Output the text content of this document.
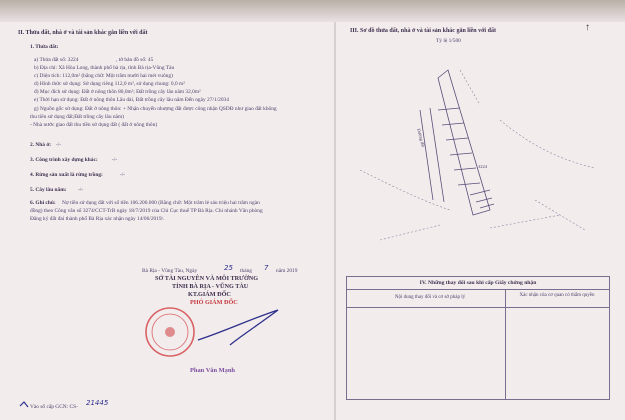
II. Thửa đất, nhà ở và tài sản khác gắn liền với đất
1. Thửa đất:
a) Thửa đất số: 3224	, tờ bản đồ số: 45
b) Địa chỉ: Xã Hòa Long, thành phố bà rịa, tỉnh Bà rịa-Vũng Tàu
c) Diện tích: 112,0m² (bằng chữ: Một trăm mười hai mét vuông)
d) Hình thức sử dụng: Sử dụng riêng 112,0 m², sử dụng chung: 0,0 m²
đ) Mục đích sử dụng: Đất ở nông thôn 80,0m²; Đất trồng cây lâu năm 32,0m²
e) Thời hạn sử dụng: Đất ở nông thôn Lâu dài, Đất trồng cây lâu năm Đến ngày 27/1/2034
g) Nguồn gốc sử dụng: Đất ở nông thôn: + Nhận chuyển nhượng đất được công nhận QSDĐ như giao đất không
thu tiền sử dụng đất;Đất trồng cây lâu năm)
- Nhà nước giao đất thu tiền sử dụng đất ( đất ở nông thôn)
2. Nhà ở: -/-
3. Công trình xây dựng khác:	-/-
4. Rừng sản xuất là rừng trồng:	-/-
5. Cây lâu năm: -/-
6. Ghi chú: Nợ tiền sử dụng đất với số tiền 106.200.000 (Bằng chữ: Một trăm lẻ sáu triệu hai trăm ngàn
đồng) theo Công văn số 3274/CCT-TrB ngày 18/7/2019 của Chi Cục thuế TP Bà Rịa. Chi nhánh Văn phòng
Đăng ký đất đai thành phố Bà Rịa xác nhận ngày 14/06/2019/.
Bà Rịa - Vũng Tàu, Ngày	25 tháng 7 năm 2019
SỞ TÀI NGUYÊN VÀ MÔI TRƯỜNG
TỈNH BÀ RỊA - VŨNG TÀU
KT.GIÁM ĐỐC
PHÓ GIÁM ĐỐC
Phan Văn Mạnh
Vào sổ cấp GCN: CS- 21445
III. Sơ đồ thửa đất, nhà ở và tài sản khác gắn liền với đất
Tỷ lệ 1/500
↑
Đường đất
3224
IV. Những thay đổi sau khi cấp Giấy chứng nhận
Nội dung thay đổi và cơ sở pháp lý	Xác nhận của cơ quan có thẩm quyền
